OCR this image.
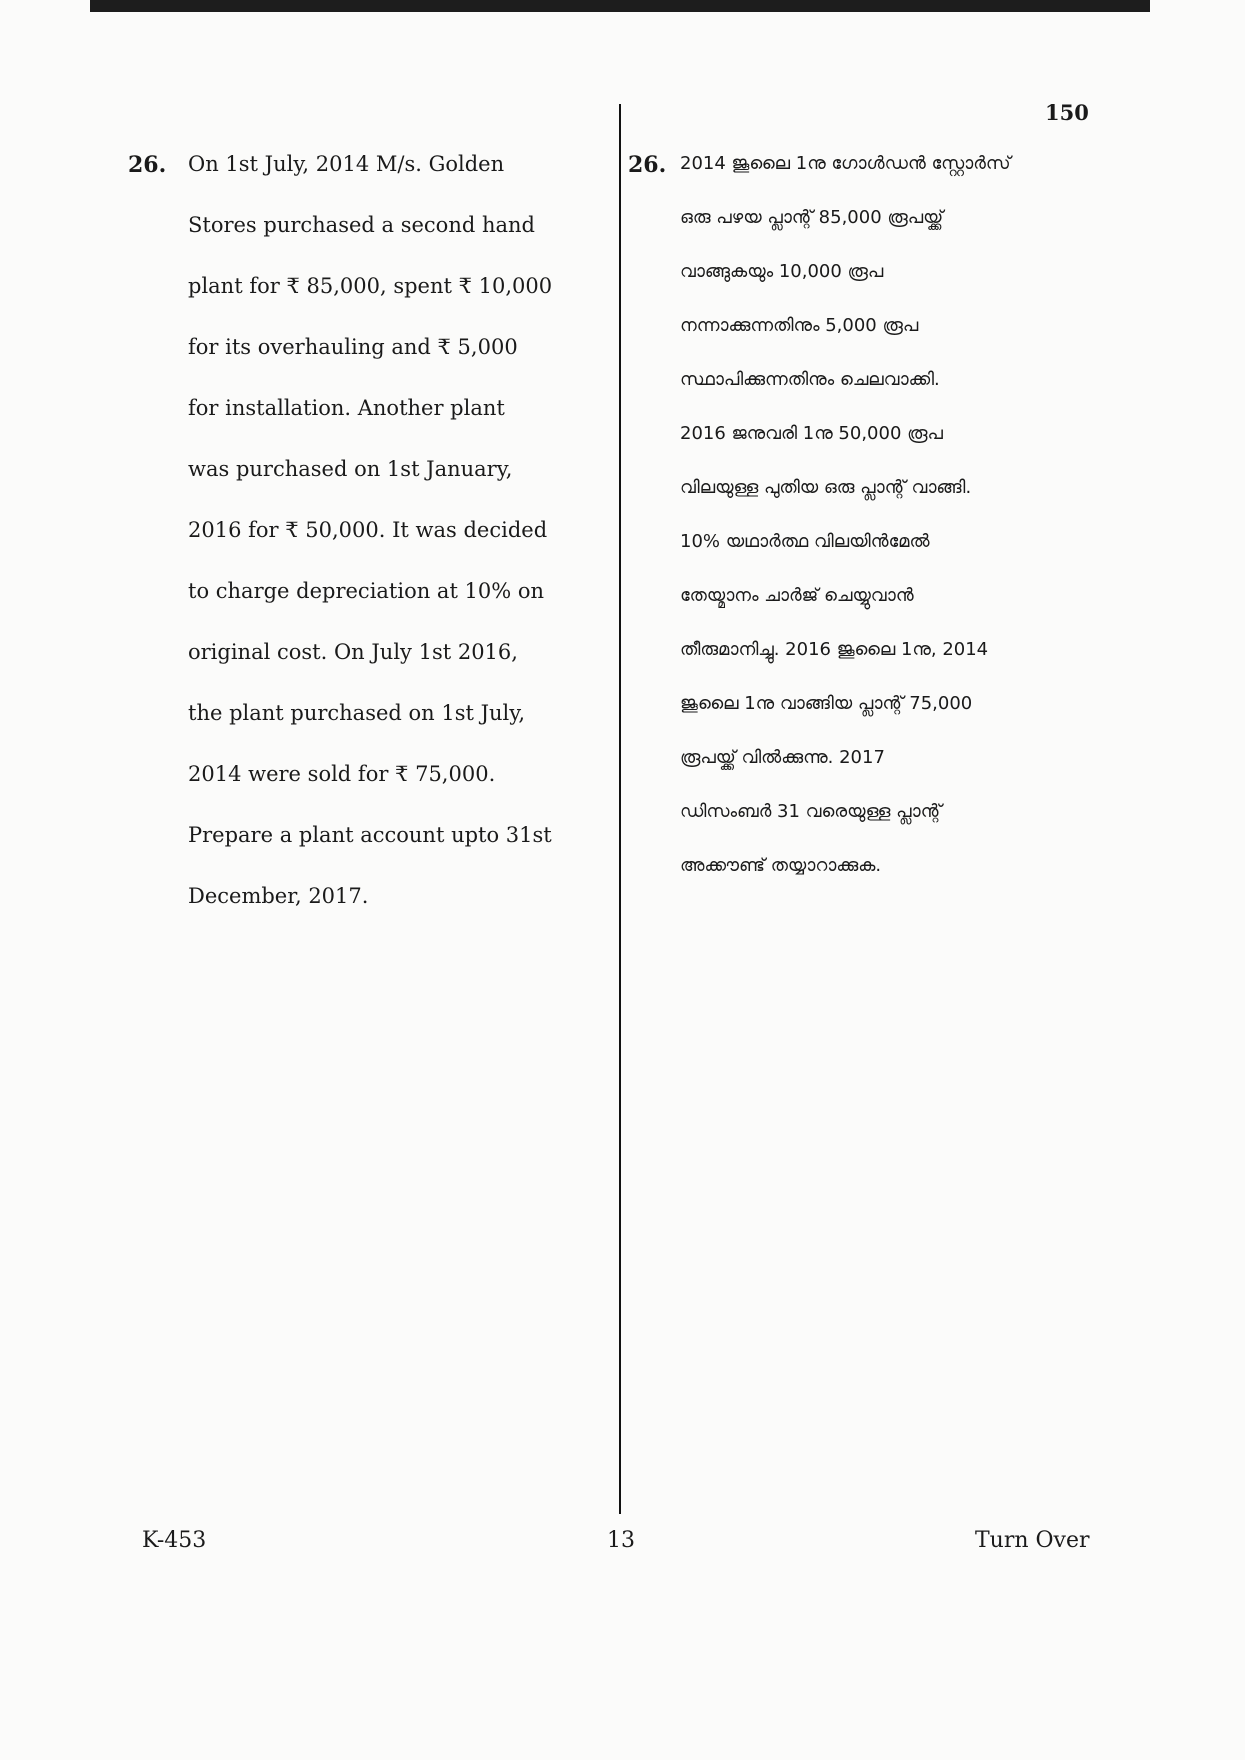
150
26. On 1st July, 2014 M/s. Golden
Stores purchased a second hand
plant for ₹ 85,000, spent ₹ 10,000
for its overhauling and ₹ 5,000
for installation. Another plant
was purchased on 1st January,
2016 for ₹ 50,000. It was decided
to charge depreciation at 10% on
original cost. On July 1st 2016,
the plant purchased on 1st July,
2014 were sold for ₹ 75,000.
Prepare a plant account upto 31st
December, 2017.
26. 2014 ജൂലൈ 1നു ഗോൾഡൻ സ്റ്റോർസ്
ഒരു പഴയ പ്ലാന്റ് 85,000 രൂപയ്ക്ക്
വാങ്ങുകയും 10,000 രൂപ
നന്നാക്കുന്നതിനും 5,000 രൂപ
സ്ഥാപിക്കുന്നതിനും ചെലവാക്കി.
2016 ജനുവരി 1നു 50,000 രൂപ
വിലയുള്ള പുതിയ ഒരു പ്ലാന്റ് വാങ്ങി.
10% യഥാർത്ഥ വിലയിൻമേൽ
തേയ്മാനം ചാർജ് ചെയ്യുവാൻ
തീരുമാനിച്ചു. 2016 ജൂലൈ 1നു, 2014
ജൂലൈ 1നു വാങ്ങിയ പ്ലാന്റ് 75,000
രൂപയ്ക്ക് വിൽക്കുന്നു. 2017
ഡിസംബർ 31 വരെയുള്ള പ്ലാന്റ്
അക്കൗണ്ട് തയ്യാറാക്കുക.
K-453	13	Turn Over
